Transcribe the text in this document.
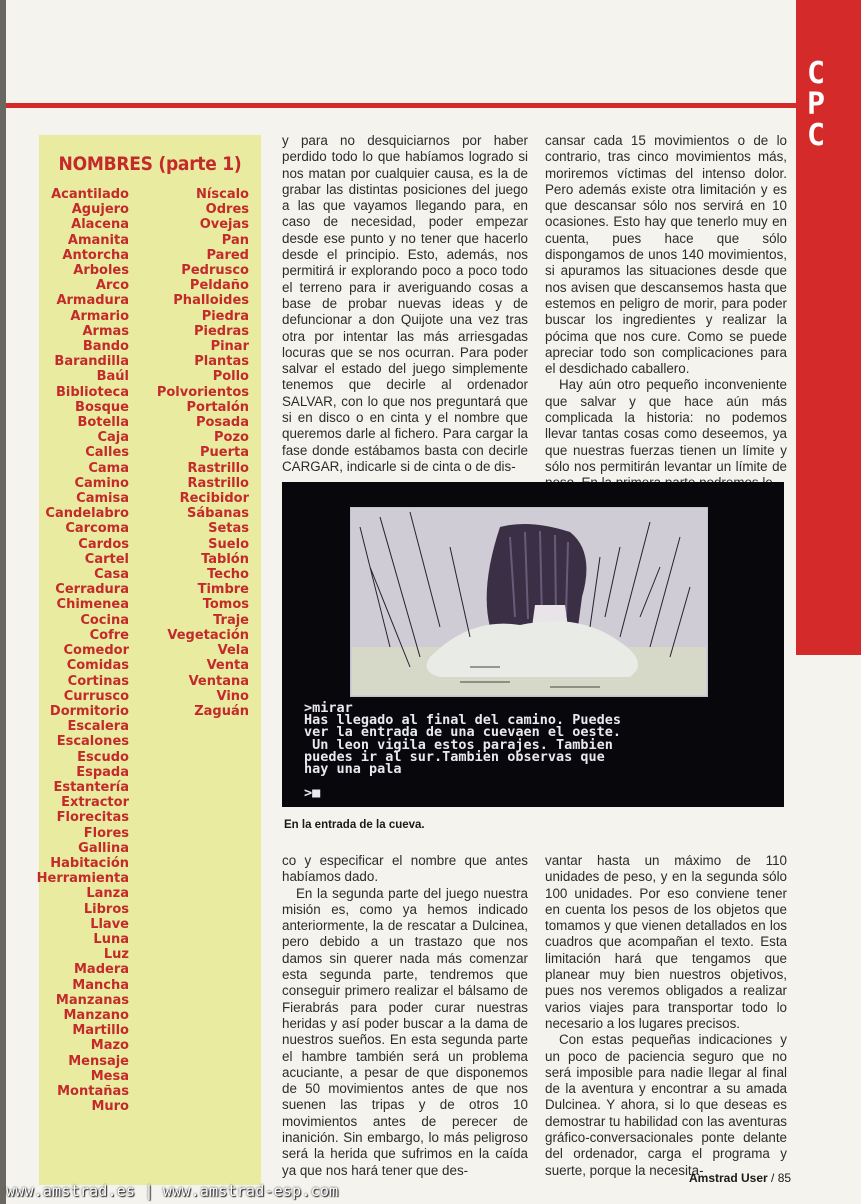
C
P
C
NOMBRES (parte 1)
Acantilado
Agujero
Alacena
Amanita
Antorcha
Arboles
Arco
Armadura
Armario
Armas
Bando
Barandilla
Baúl
Biblioteca
Bosque
Botella
Caja
Calles
Cama
Camino
Camisa
Candelabro
Carcoma
Cardos
Cartel
Casa
Cerradura
Chimenea
Cocina
Cofre
Comedor
Comidas
Cortinas
Currusco
Dormitorio
Escalera
Escalones
Escudo
Espada
Estantería
Extractor
Florecitas
Flores
Gallina
Habitación
Herramienta
Lanza
Libros
Llave
Luna
Luz
Madera
Mancha
Manzanas
Manzano
Martillo
Mazo
Mensaje
Mesa
Montañas
Muro
Níscalo
Odres
Ovejas
Pan
Pared
Pedrusco
Peldaño
Phalloides
Piedra
Piedras
Pinar
Plantas
Pollo
Polvorientos
Portalón
Posada
Pozo
Puerta
Rastrillo
Rastrillo
Recibidor
Sábanas
Setas
Suelo
Tablón
Techo
Timbre
Tomos
Traje
Vegetación
Vela
Venta
Ventana
Vino
Zaguán

y para no desquiciarnos por haber perdido todo lo que habíamos logrado si nos matan por cualquier causa, es la de grabar las distintas posiciones del juego a las que vayamos llegando para, en caso de necesidad, poder empezar desde ese punto y no tener que hacerlo desde el principio. Esto, además, nos permitirá ir explorando poco a poco todo el terreno para ir averiguando cosas a base de probar nuevas ideas y de defuncionar a don Quijote una vez tras otra por intentar las más arriesgadas locuras que se nos ocurran. Para poder salvar el estado del juego simplemente tenemos que decirle al ordenador SALVAR, con lo que nos preguntará que si en disco o en cinta y el nombre que queremos darle al fichero. Para cargar la fase donde estábamos basta con decirle CARGAR, indicarle si de cinta o de dis-

cansar cada 15 movimientos o de lo contrario, tras cinco movimientos más, moriremos víctimas del intenso dolor. Pero además existe otra limitación y es que descansar sólo nos servirá en 10 ocasiones. Esto hay que tenerlo muy en cuenta, pues hace que sólo dispongamos de unos 140 movimientos, si apuramos las situaciones desde que nos avisen que descansemos hasta que estemos en peligro de morir, para poder buscar los ingredientes y realizar la pócima que nos cure. Como se puede apreciar todo son complicaciones para el desdichado caballero.

Hay aún otro pequeño inconveniente que salvar y que hace aún más complicada la historia: no podemos llevar tantas cosas como deseemos, ya que nuestras fuerzas tienen un límite y sólo nos permitirán levantar un límite de

>mirar
Has llegado al final del camino. Puedes
ver la entrada de una cuevaen el oeste.
Un leon vigila estos parajes. Tambien
puedes ir al sur.Tambien observas que
hay una pala
>■
En la entrada de la cueva.

co y especificar el nombre que antes habíamos dado.

En la segunda parte del juego nuestra misión es, como ya hemos indicado anteriormente, la de rescatar a Dulcinea, pero debido a un trastazo que nos damos sin querer nada más comenzar esta segunda parte, tendremos que conseguir primero realizar el bálsamo de Fierabrás para poder curar nuestras heridas y así poder buscar a la dama de nuestros sueños. En esta segunda parte el hambre también será un problema acuciante, a pesar de que disponemos de 50 movimientos antes de que nos suenen las tripas y de otros 10 movimientos antes de perecer de inanición. Sin embargo, lo más peligroso será la herida que sufrimos en la caída ya que nos hará tener que des-

vantar hasta un máximo de 110 unidades de peso, y en la segunda sólo 100 unidades. Por eso conviene tener en cuenta los pesos de los objetos que tomamos y que vienen detallados en los cuadros que acompañan el texto. Esta limitación hará que tengamos que planear muy bien nuestros objetivos, pues nos veremos obligados a realizar varios viajes para transportar todo lo necesario a los lugares precisos.

Con estas pequeñas indicaciones y un poco de paciencia seguro que no será imposible para nadie llegar al final de la aventura y encontrar a su amada Dulcinea. Y ahora, si lo que deseas es demostrar tu habilidad con las aventuras gráfico-conversacionales ponte delante del ordenador, carga el programa y suerte, porque la necesita-

www.amstrad.es | www.amstrad-esp.com
Amstrad User / 85
